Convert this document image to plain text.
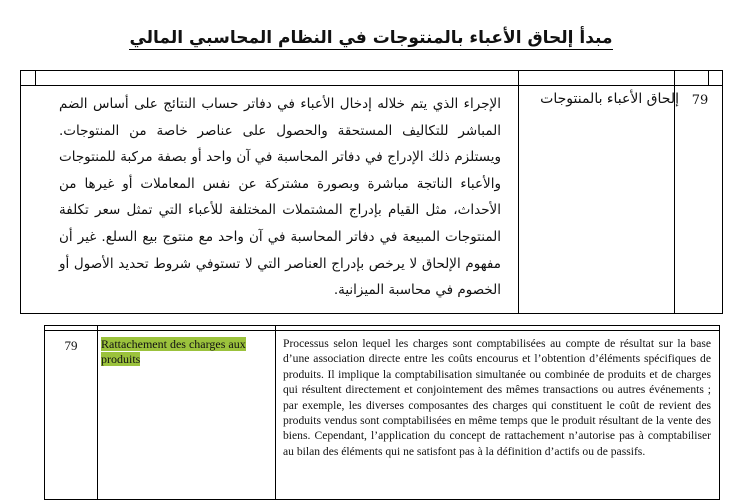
مبدأ إلحاق الأعباء بالمنتوجات في النظام المحاسبي المالي
79
إلحاق الأعباء بالمنتوجات
الإجراء الذي يتم خلاله إدخال الأعباء في دفاتر حساب النتائج على أساس الضم المباشر للتكاليف المستحقة والحصول على عناصر خاصة من المنتوجات. ويستلزم ذلك الإدراج في دفاتر المحاسبة في آن واحد أو بصفة مركبة للمنتوجات والأعباء الناتجة مباشرة وبصورة مشتركة عن نفس المعاملات أو غيرها من الأحداث، مثل القيام بإدراج المشتملات المختلفة للأعباء التي تمثل سعر تكلفة المنتوجات المبيعة في دفاتر المحاسبة في آن واحد مع منتوج بيع السلع. غير أن مفهوم الإلحاق لا يرخص بإدراج العناصر التي لا تستوفي شروط تحديد الأصول أو الخصوم في محاسبة الميزانية.
79	Rattachement des charges aux produits
Processus selon lequel les charges sont comptabilisées au compte de résultat sur la base d’une association directe entre les coûts encourus et l’obtention d’éléments spécifiques de produits. Il implique la comptabilisation simultanée ou combinée de produits et de charges qui résultent directement et conjointement des mêmes transactions ou autres événements ; par exemple, les diverses composantes des charges qui constituent le coût de revient des produits vendus sont comptabilisées en même temps que le produit résultant de la vente des biens. Cependant, l’application du concept de rattachement n’autorise pas à comptabiliser au bilan des éléments qui ne satisfont pas à la définition d’actifs ou de passifs.
